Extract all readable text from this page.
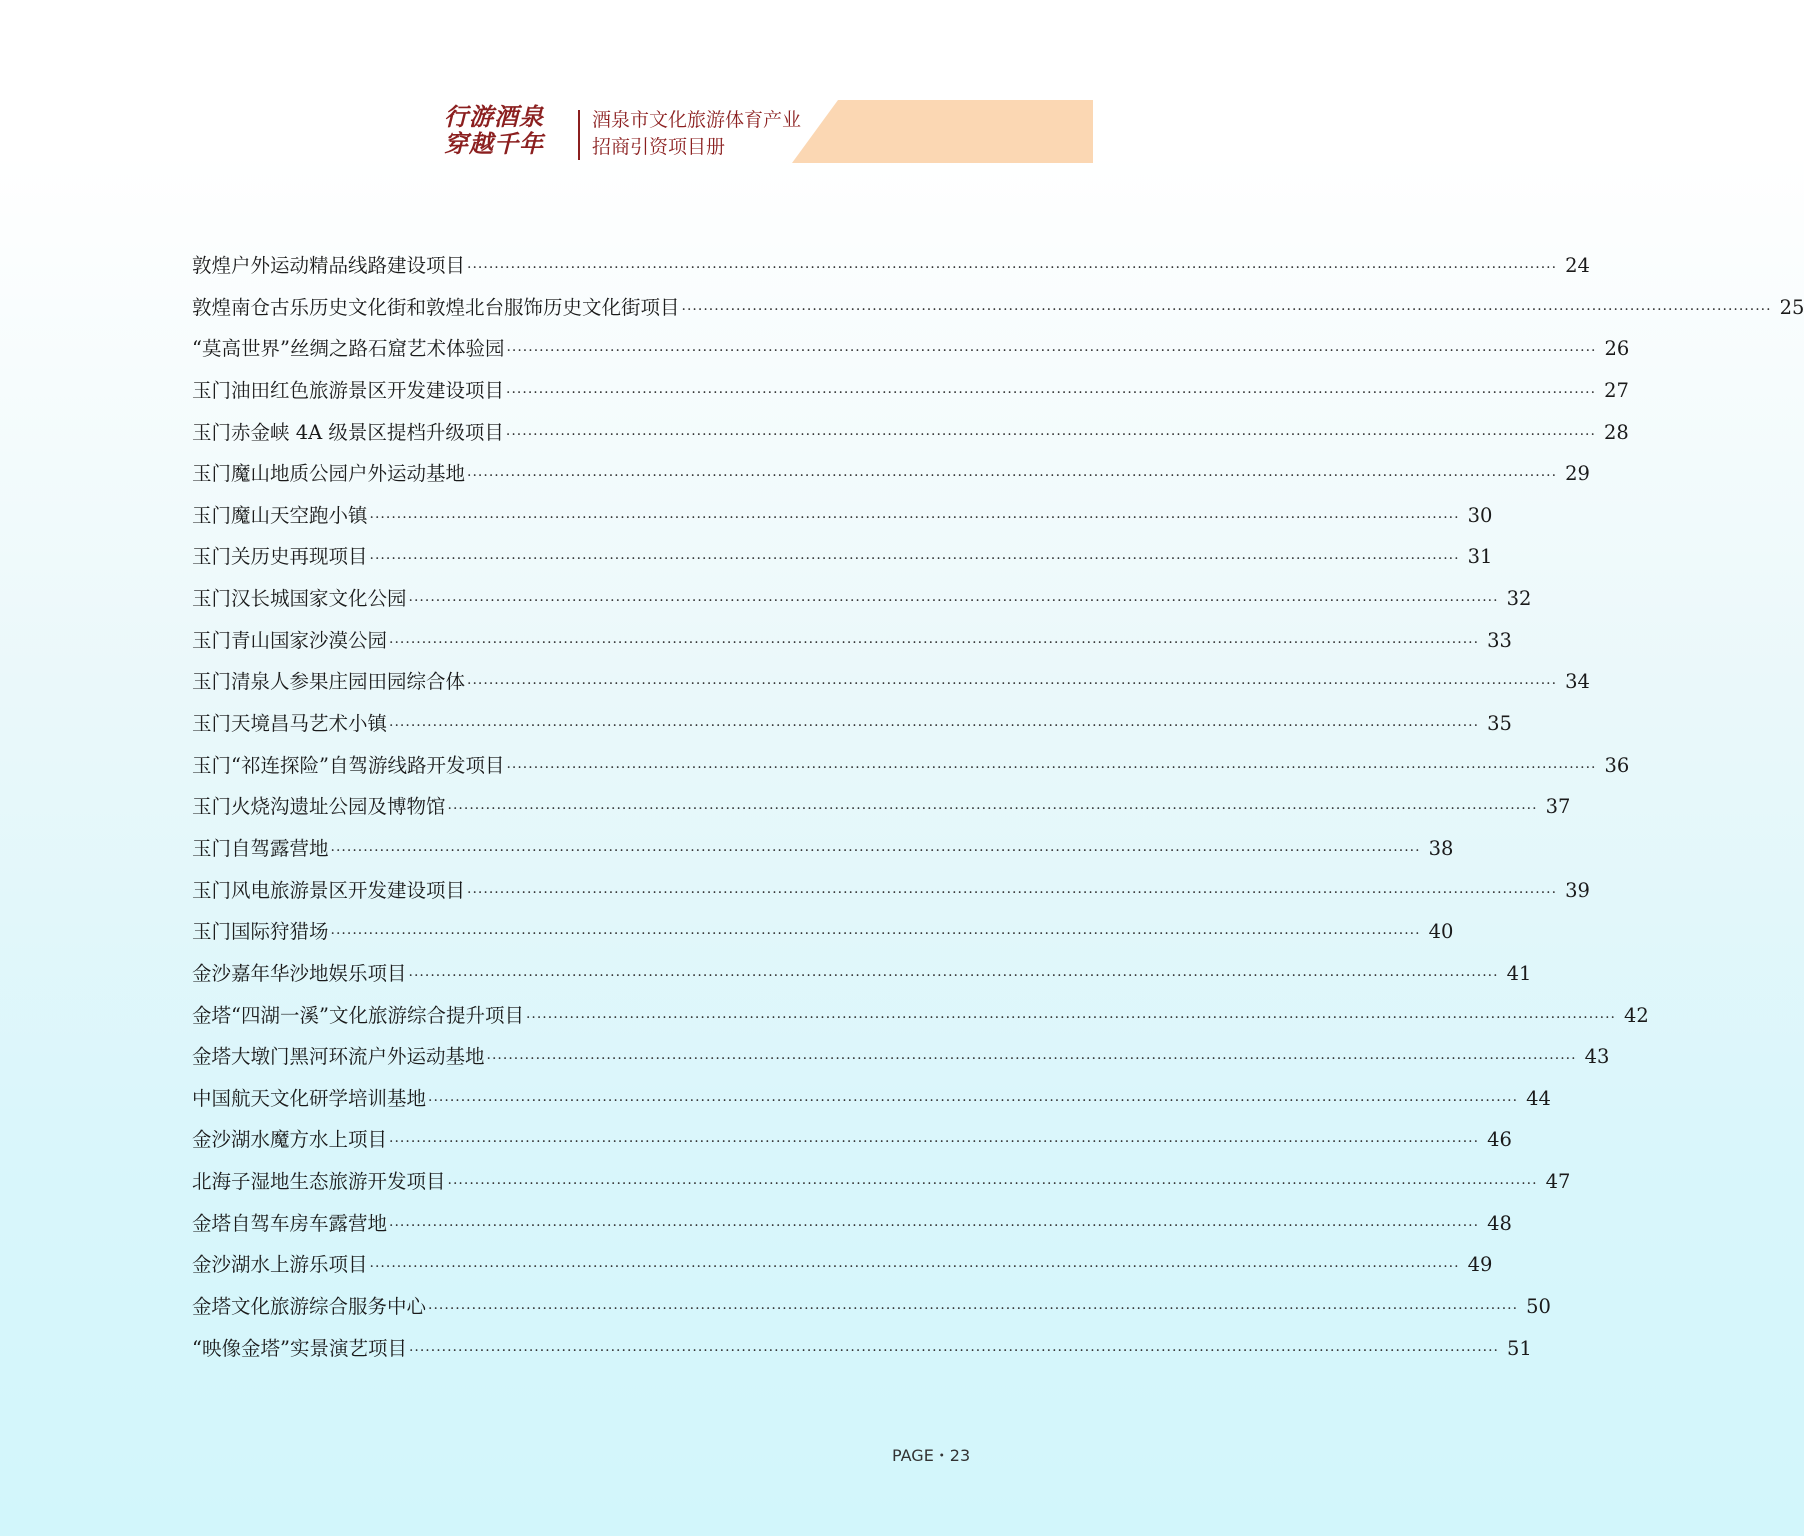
行游酒泉
穿越千年
酒泉市文化旅游体育产业
招商引资项目册
敦煌户外运动精品线路建设项目 ········································································································································································································ 24
敦煌南仓古乐历史文化街和敦煌北台服饰历史文化街项目 ········································································································································································································ 25
“莫高世界”丝绸之路石窟艺术体验园 ········································································································································································································ 26
玉门油田红色旅游景区开发建设项目 ········································································································································································································ 27
玉门赤金峡 4A 级景区提档升级项目 ········································································································································································································ 28
玉门魔山地质公园户外运动基地 ········································································································································································································ 29
玉门魔山天空跑小镇 ········································································································································································································ 30
玉门关历史再现项目 ········································································································································································································ 31
玉门汉长城国家文化公园 ········································································································································································································ 32
玉门青山国家沙漠公园 ········································································································································································································ 33
玉门清泉人参果庄园田园综合体 ········································································································································································································ 34
玉门天境昌马艺术小镇 ········································································································································································································ 35
玉门“祁连探险”自驾游线路开发项目 ········································································································································································································ 36
玉门火烧沟遗址公园及博物馆 ········································································································································································································ 37
玉门自驾露营地 ········································································································································································································ 38
玉门风电旅游景区开发建设项目 ········································································································································································································ 39
玉门国际狩猎场 ········································································································································································································ 40
金沙嘉年华沙地娱乐项目 ········································································································································································································ 41
金塔“四湖一溪”文化旅游综合提升项目 ········································································································································································································ 42
金塔大墩门黑河环流户外运动基地 ········································································································································································································ 43
中国航天文化研学培训基地 ········································································································································································································ 44
金沙湖水魔方水上项目 ········································································································································································································ 46
北海子湿地生态旅游开发项目 ········································································································································································································ 47
金塔自驾车房车露营地 ········································································································································································································ 48
金沙湖水上游乐项目 ········································································································································································································ 49
金塔文化旅游综合服务中心 ········································································································································································································ 50
“映像金塔”实景演艺项目 ········································································································································································································ 51
PAGE・23
